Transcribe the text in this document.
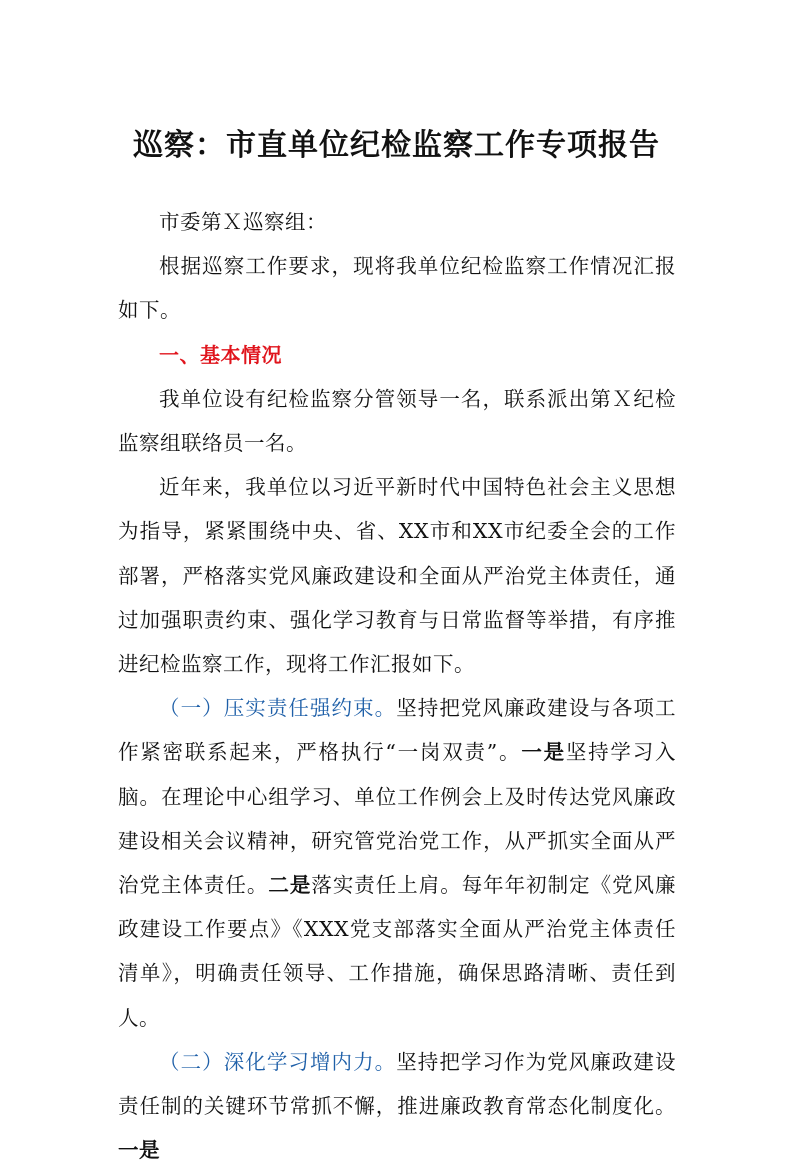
巡察：市直单位纪检监察工作专项报告

市委第Ｘ巡察组：

根据巡察工作要求，现将我单位纪检监察工作情况汇报如下。

一、基本情况

我单位设有纪检监察分管领导一名，联系派出第Ｘ纪检监察组联络员一名。

近年来，我单位以习近平新时代中国特色社会主义思想为指导，紧紧围绕中央、省、XX市和XX市纪委全会的工作部署，严格落实党风廉政建设和全面从严治党主体责任，通过加强职责约束、强化学习教育与日常监督等举措，有序推进纪检监察工作，现将工作汇报如下。

（一）压实责任强约束。坚持把党风廉政建设与各项工作紧密联系起来，严格执行“一岗双责”。一是坚持学习入脑。在理论中心组学习、单位工作例会上及时传达党风廉政建设相关会议精神，研究管党治党工作，从严抓实全面从严治党主体责任。二是落实责任上肩。每年年初制定《党风廉政建设工作要点》《XXX党支部落实全面从严治党主体责任清单》，明确责任领导、工作措施，确保思路清晰、责任到人。

（二）深化学习增内力。坚持把学习作为党风廉政建设责任制的关键环节常抓不懈，推进廉政教育常态化制度化。一是
